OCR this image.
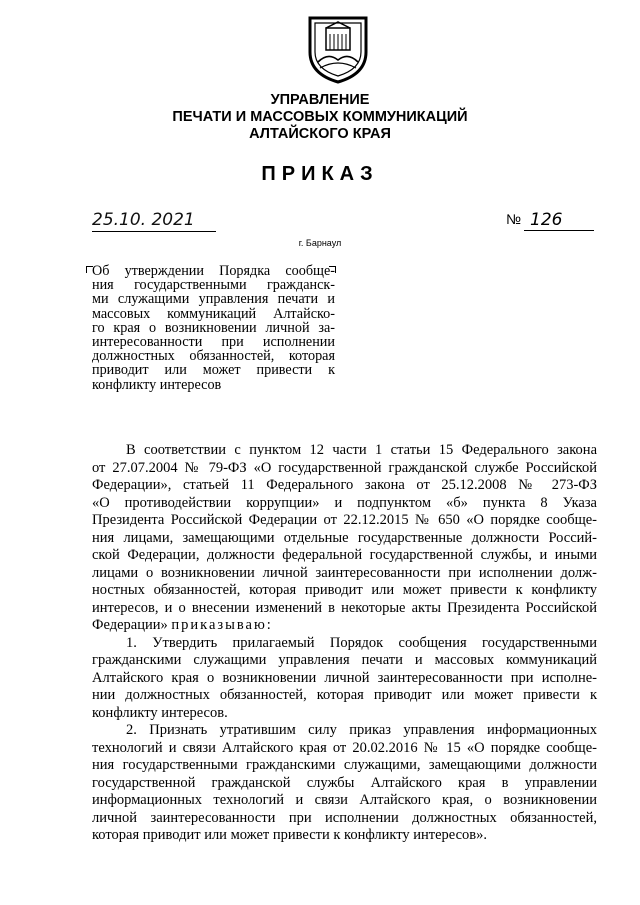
УПРАВЛЕНИЕ
ПЕЧАТИ И МАССОВЫХ КОММУНИКАЦИЙ
АЛТАЙСКОГО КРАЯ
ПРИКАЗ
25.10. 2021	№ 126
г. Барнаул
Об утверждении Порядка сообще-
ния государственными гражданск-
ми служащими управления печати и
массовых коммуникаций Алтайско-
го края о возникновении личной за-
интересованности при исполнении
должностных обязанностей, которая
приводит или может привести к
конфликту интересов
В соответствии с пунктом 12 части 1 статьи 15 Федерального закона
от 27.07.2004 № 79-ФЗ «О государственной гражданской службе Российской
Федерации», статьей 11 Федерального закона от 25.12.2008 № 273-ФЗ
«О противодействии коррупции» и подпунктом «б» пункта 8 Указа
Президента Российской Федерации от 22.12.2015 № 650 «О порядке сообще-
ния лицами, замещающими отдельные государственные должности Россий-
ской Федерации, должности федеральной государственной службы, и иными
лицами о возникновении личной заинтересованности при исполнении долж-
ностных обязанностей, которая приводит или может привести к конфликту
интересов, и о внесении изменений в некоторые акты Президента Российской
Федерации» приказываю:
1. Утвердить прилагаемый Порядок сообщения государственными
гражданскими служащими управления печати и массовых коммуникаций
Алтайского края о возникновении личной заинтересованности при исполне-
нии должностных обязанностей, которая приводит или может привести к
конфликту интересов.
2. Признать утратившим силу приказ управления информационных
технологий и связи Алтайского края от 20.02.2016 № 15 «О порядке сообще-
ния государственными гражданскими служащими, замещающими должности
государственной гражданской службы Алтайского края в управлении
информационных технологий и связи Алтайского края, о возникновении
личной заинтересованности при исполнении должностных обязанностей,
которая приводит или может привести к конфликту интересов».
